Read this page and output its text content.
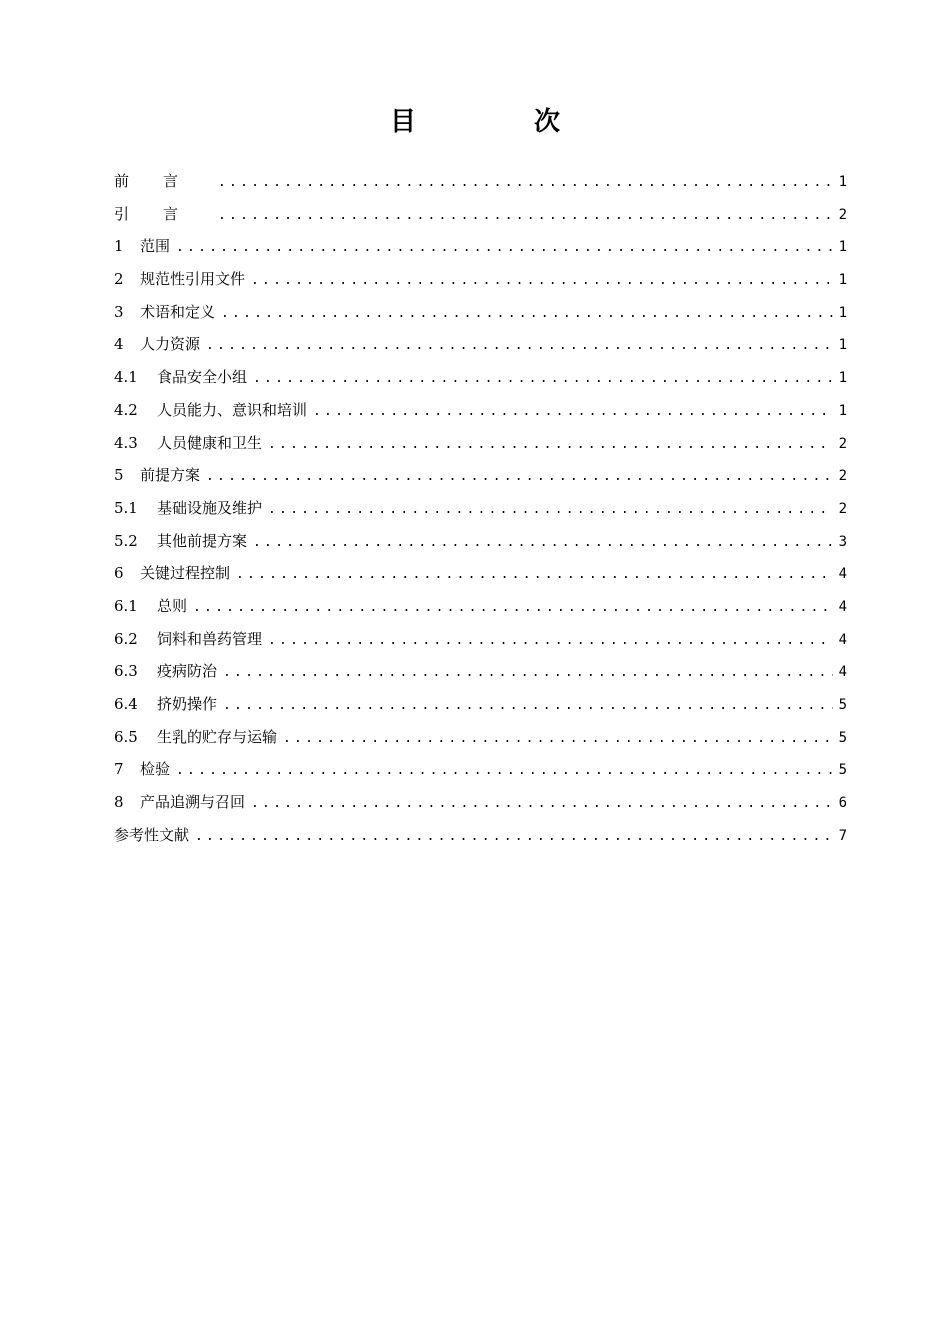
目　次
前言 .....	1
引言 .....	2
1	范围 .....	1
2	规范性引用文件 .....	1
3	术语和定义 .....	1
4	人力资源 .....	1
4.1	食品安全小组 .....	1
4.2	人员能力、意识和培训 .....	1
4.3	人员健康和卫生 .....	2
5	前提方案 .....	2
5.1	基础设施及维护 .....	2
5.2	其他前提方案 .....	3
6	关键过程控制 .....	4
6.1	总则 .....	4
6.2	饲料和兽药管理 .....	4
6.3	疫病防治 .....	4
6.4	挤奶操作 .....	5
6.5	生乳的贮存与运输 .....	5
7	检验 .....	5
8	产品追溯与召回 .....	6
参考性文献 .....	7
